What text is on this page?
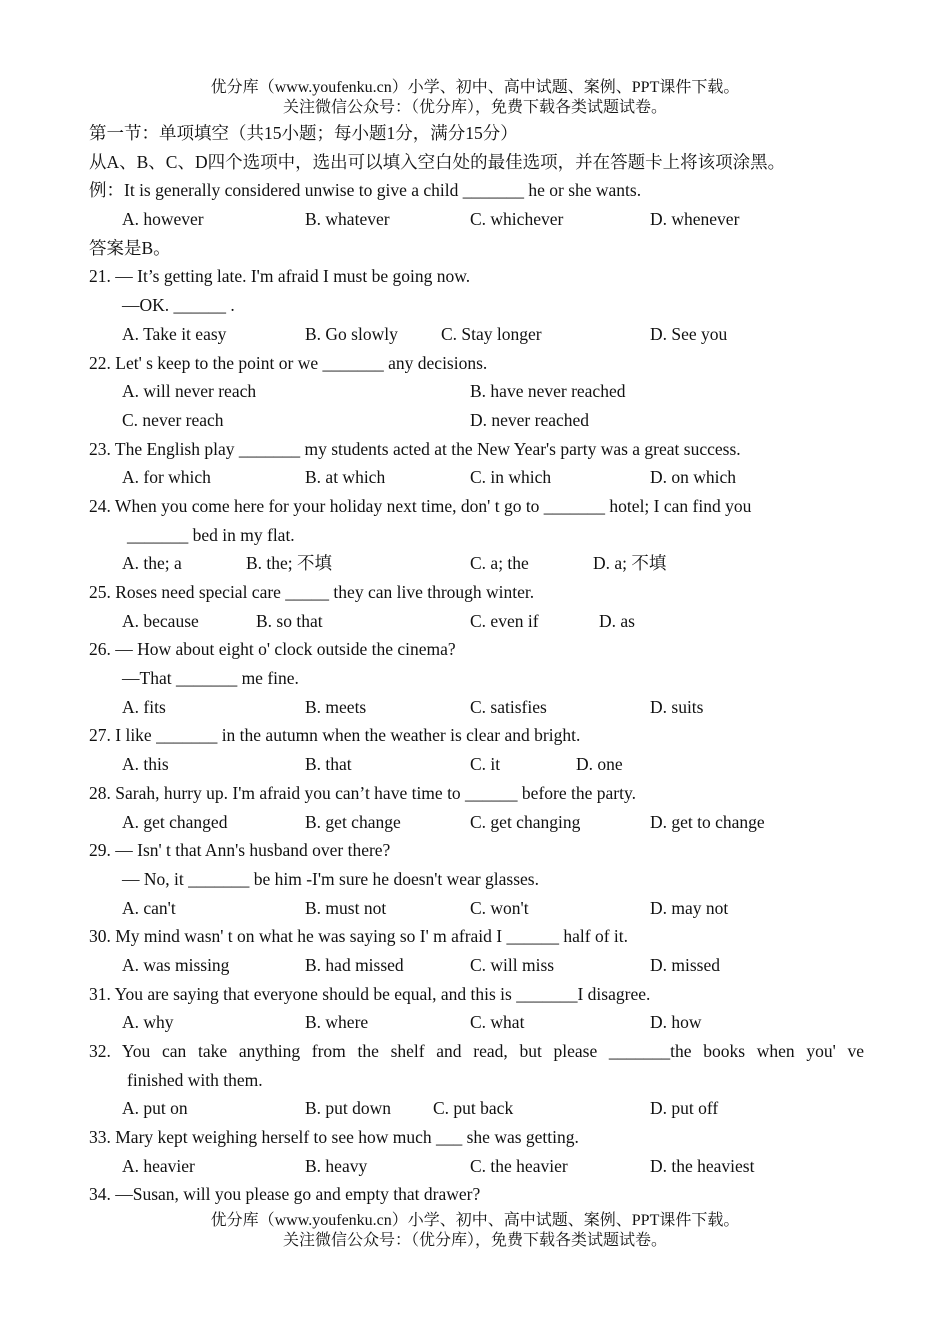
优分库（www.youfenku.cn）小学、初中、高中试题、案例、PPT课件下载。
关注微信公众号：（优分库），免费下载各类试题试卷。
第一节：单项填空（共15小题；每小题1分，满分15分）
从A、B、C、D四个选项中，选出可以填入空白处的最佳选项，并在答题卡上将该项涂黑。
例：It is generally considered unwise to give a child _______ he or she wants.
A. however	B. whatever	C. whichever	D. whenever
答案是B。
21. — It’s getting late. I'm afraid I must be going now.
—OK. ______ .
A. Take it easy	B. Go slowly C. Stay longer	D. See you
22. Let' s keep to the point or we _______ any decisions.
A. will never reach	B. have never reached
C. never reach	D. never reached
23. The English play _______ my students acted at the New Year's party was a great success.
A. for which	B. at which	C. in which	D. on which
24. When you come here for your holiday next time, don' t go to _______ hotel; I can find you
_______ bed in my flat.
A. the; a	B. the; 不填	C. a; the	D. a; 不填
25. Roses need special care _____ they can live through winter.
A. because	B. so that	C. even if	D. as
26. — How about eight o' clock outside the cinema?
—That _______ me fine.
A. fits	B. meets	C. satisfies	D. suits
27. I like _______ in the autumn when the weather is clear and bright.
A. this	B. that	C. it	D. one
28. Sarah, hurry up. I'm afraid you can’t have time to ______ before the party.
A. get changed	B. get change	C. get changing	D. get to change
29. — Isn' t that Ann's husband over there?
— No, it _______ be him -I'm sure he doesn't wear glasses.
A. can't	B. must not	C. won't	D. may not
30. My mind wasn' t on what he was saying so I' m afraid I ______ half of it.
A. was missing	B. had missed	C. will miss	D. missed
31. You are saying that everyone should be equal, and this is _______I disagree.
A. why	B. where	C. what	D. how
32. You can take anything from the shelf and read, but please _______the books when you' ve
finished with them.
A. put on	B. put down C. put back	D. put off
33. Mary kept weighing herself to see how much ___ she was getting.
A. heavier	B. heavy	C. the heavier	D. the heaviest
34. —Susan, will you please go and empty that drawer?
优分库（www.youfenku.cn）小学、初中、高中试题、案例、PPT课件下载。
关注微信公众号：（优分库），免费下载各类试题试卷。
